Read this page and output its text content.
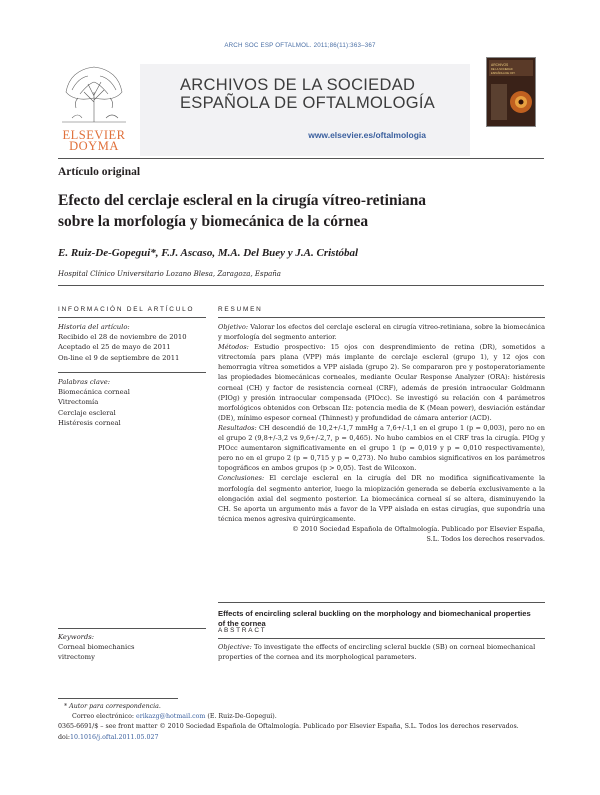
ARCH SOC ESP OFTALMOL. 2011;86(11):363–367
ELSEVIER
DOYMA
ARCHIVOS DE LA SOCIEDAD
ESPAÑOLA DE OFTALMOLOGÍA
www.elsevier.es/oftalmologia
ARCHIVOS
DE LA SOCIEDAD
ESPAÑOLA DE OFT.
Artículo original
Efecto del cerclaje escleral en la cirugía vítreo-retiniana
sobre la morfología y biomecánica de la córnea
E. Ruiz-De-Gopegui*, F.J. Ascaso, M.A. Del Buey y J.A. Cristóbal
Hospital Clínico Universitario Lozano Blesa, Zaragoza, España
INFORMACIÓN DEL ARTÍCULO
Historia del artículo:
Recibido el 28 de noviembre de 2010
Aceptado el 25 de mayo de 2011
On-line el 9 de septiembre de 2011
Palabras clave:
Biomecánica corneal
Vitrectomía
Cerclaje escleral
Histéresis corneal
RESUMEN

Objetivo: Valorar los efectos del cerclaje escleral en cirugía vitreo-retiniana, sobre la biomecánica y morfología del segmento anterior.

Métodos: Estudio prospectivo: 15 ojos con desprendimiento de retina (DR), sometidos a vitrectomía pars plana (VPP) más implante de cerclaje escleral (grupo 1), y 12 ojos con hemorragia vítrea sometidos a VPP aislada (grupo 2). Se compararon pre y postoperatoriamente las propiedades biomecánicas corneales, mediante Ocular Response Analyzer (ORA): histéresis corneal (CH) y factor de resistencia corneal (CRF), además de presión intraocular Goldmann (PIOg) y presión intraocular compensada (PIOcc). Se investigó su relación con 4 parámetros morfológicos obtenidos con Orbscan IIz: potencia media de K (Mean power), desviación estándar (DE), mínimo espesor corneal (Thinnest) y profundidad de cámara anterior (ACD).

Resultados: CH descendió de 10,2+/-1,7 mmHg a 7,6+/-1,1 en el grupo 1 (p = 0,003), pero no en el grupo 2 (9,8+/-3,2 vs 9,6+/-2,7, p = 0,465). No hubo cambios en el CRF tras la cirugía. PIOg y PIOcc aumentaron significativamente en el grupo 1 (p = 0,019 y p = 0,010 respectivamente), pero no en el grupo 2 (p = 0,715 y p = 0,273). No hubo cambios significativos en los parámetros topográficos en ambos grupos (p > 0,05). Test de Wilcoxon.

Conclusiones: El cerclaje escleral en la cirugía del DR no modifica significativamente la morfología del segmento anterior, luego la miopización generada se debería exclusivamente a la elongación axial del segmento posterior. La biomecánica corneal sí se altera, disminuyendo la CH. Se aporta un argumento más a favor de la VPP aislada en estas cirugías, que supondría una técnica menos agresiva quirúrgicamente.

© 2010 Sociedad Española de Oftalmología. Publicado por Elsevier España, S.L. Todos los derechos reservados.

Effects of encircling scleral buckling on the morphology and biomechanical properties of the cornea
ABSTRACT
Objective: To investigate the effects of encircling scleral buckle (SB) on corneal biomechanical properties of the cornea and its morphological parameters.
Keywords:
Corneal biomechanics
vitrectomy
* Autor para correspondencia.
Correo electrónico: erikazg@hotmail.com (E. Ruiz-De-Gopegui).
0365-6691/$ – see front matter © 2010 Sociedad Española de Oftalmología. Publicado por Elsevier España, S.L. Todos los derechos reservados.
doi:10.1016/j.oftal.2011.05.027
